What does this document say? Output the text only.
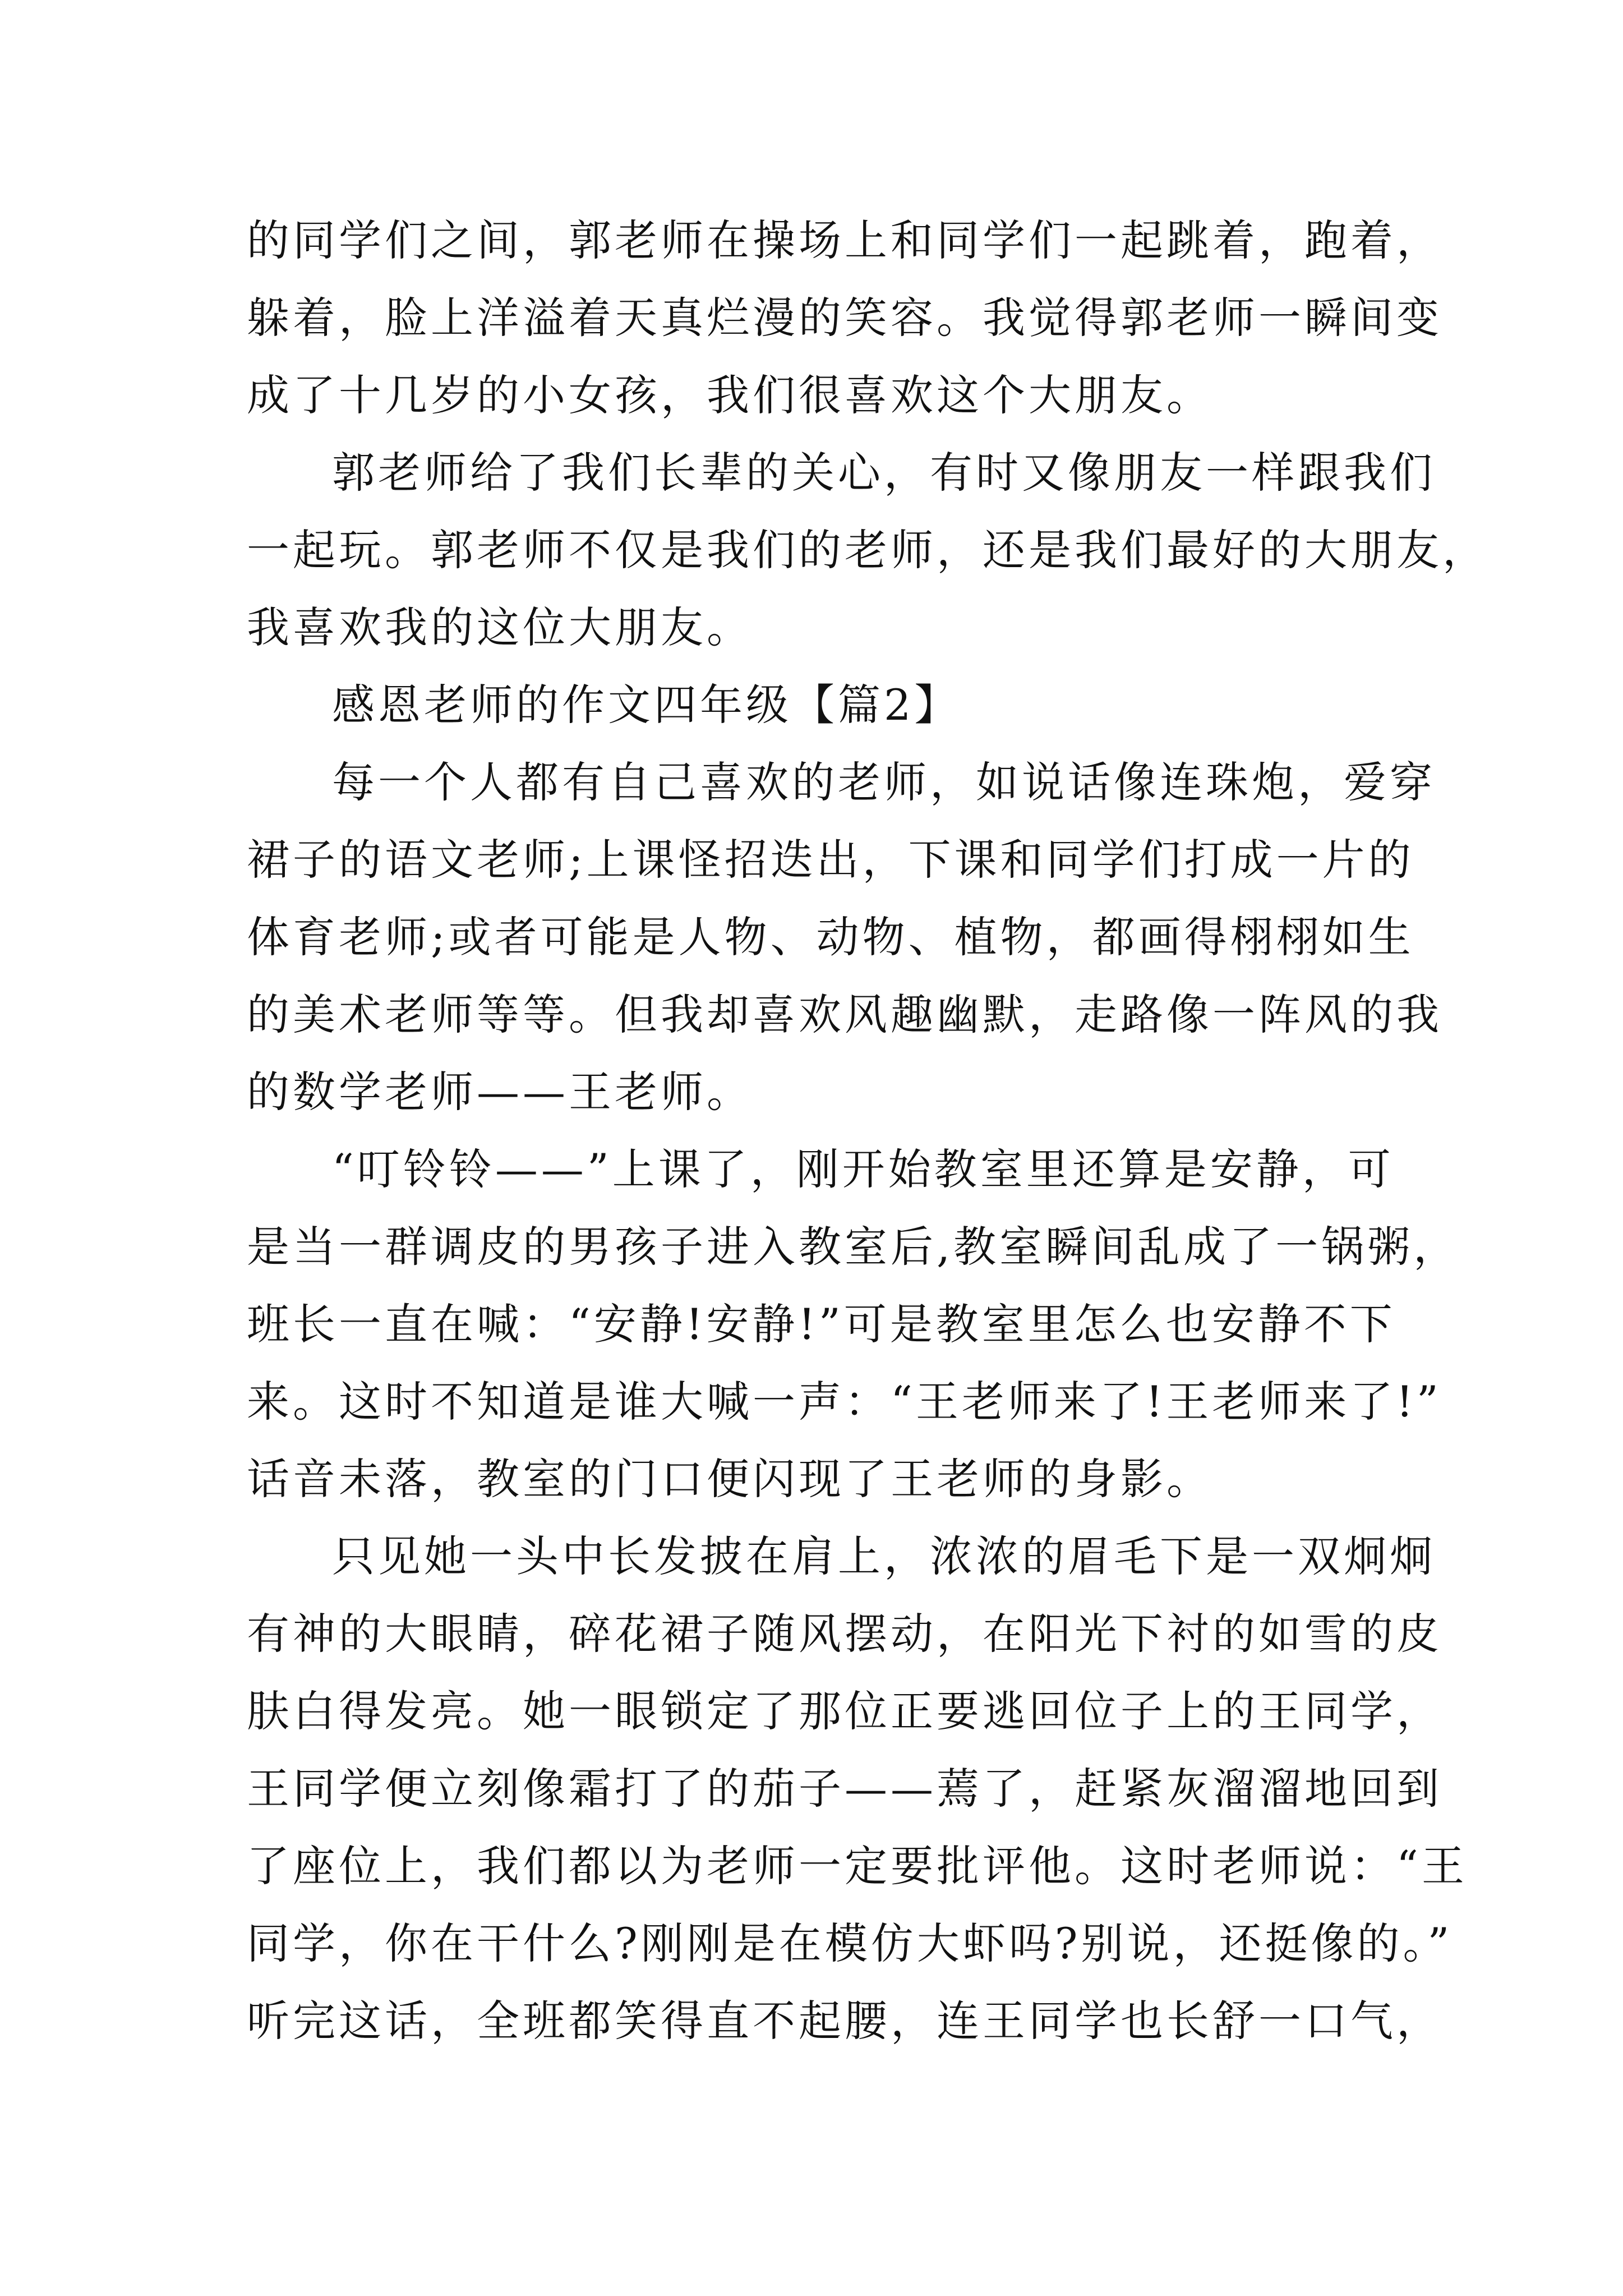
的同学们之间，郭老师在操场上和同学们一起跳着，跑着，
躲着，脸上洋溢着天真烂漫的笑容。我觉得郭老师一瞬间变
成了十几岁的小女孩，我们很喜欢这个大朋友。
郭老师给了我们长辈的关心，有时又像朋友一样跟我们
一起玩。郭老师不仅是我们的老师，还是我们最好的大朋友，
我喜欢我的这位大朋友。
感恩老师的作文四年级【篇2】
每一个人都有自己喜欢的老师，如说话像连珠炮，爱穿
裙子的语文老师;上课怪招迭出，下课和同学们打成一片的
体育老师;或者可能是人物、动物、植物，都画得栩栩如生
的美术老师等等。但我却喜欢风趣幽默，走路像一阵风的我
的数学老师——王老师。
“叮铃铃——”上课了，刚开始教室里还算是安静，可
是当一群调皮的男孩子进入教室后,教室瞬间乱成了一锅粥，
班长一直在喊：“安静!安静!”可是教室里怎么也安静不下
来。这时不知道是谁大喊一声：“王老师来了!王老师来了!”
话音未落，教室的门口便闪现了王老师的身影。
只见她一头中长发披在肩上，浓浓的眉毛下是一双炯炯
有神的大眼睛，碎花裙子随风摆动，在阳光下衬的如雪的皮
肤白得发亮。她一眼锁定了那位正要逃回位子上的王同学，
王同学便立刻像霜打了的茄子——蔫了，赶紧灰溜溜地回到
了座位上，我们都以为老师一定要批评他。这时老师说：“王
同学，你在干什么?刚刚是在模仿大虾吗?别说，还挺像的。”
听完这话，全班都笑得直不起腰，连王同学也长舒一口气，
